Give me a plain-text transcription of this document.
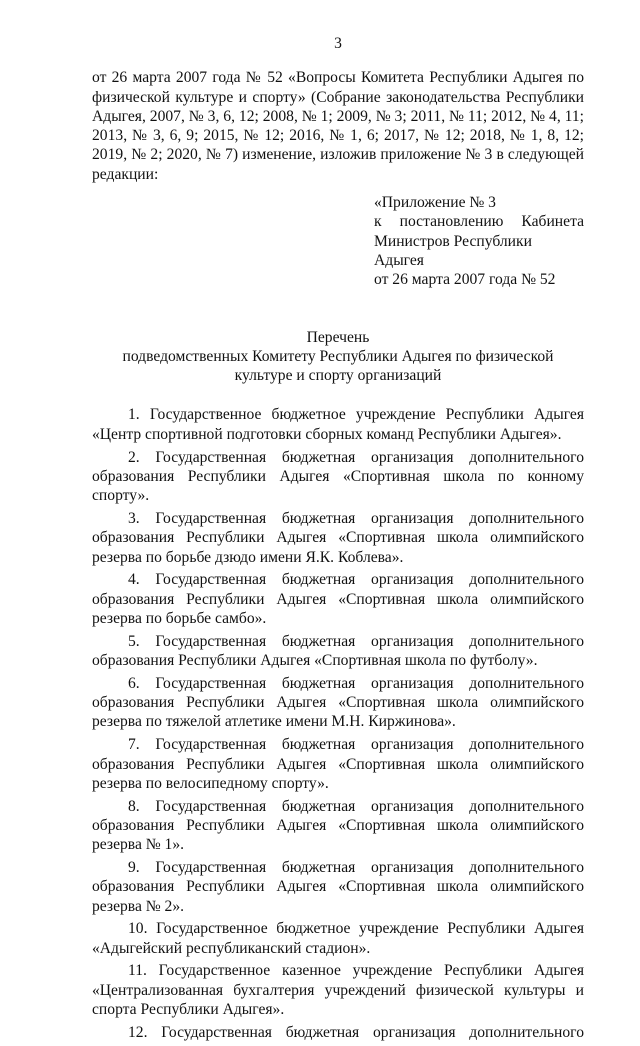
3

от 26 марта 2007 года № 52 «Вопросы Комитета Республики Адыгея по физической культуре и спорту» (Собрание законодательства Республики Адыгея, 2007, № 3, 6, 12; 2008, № 1; 2009, № 3; 2011, № 11; 2012, № 4, 11; 2013, № 3, 6, 9; 2015, № 12; 2016, № 1, 6; 2017, № 12; 2018, № 1, 8, 12; 2019, № 2; 2020, № 7) изменение, изложив приложение № 3 в следующей редакции:

«Приложение № 3
к постановлению Кабинета
Министров Республики Адыгея
от 26 марта 2007 года № 52
Перечень
подведомственных Комитету Республики Адыгея по физической
культуре и спорту организаций

1. Государственное бюджетное учреждение Республики Адыгея «Центр спортивной подготовки сборных команд Республики Адыгея».

2. Государственная бюджетная организация дополнительного образования Республики Адыгея «Спортивная школа по конному спорту».

3. Государственная бюджетная организация дополнительного образования Республики Адыгея «Спортивная школа олимпийского резерва по борьбе дзюдо имени Я.К. Коблева».

4. Государственная бюджетная организация дополнительного образования Республики Адыгея «Спортивная школа олимпийского резерва по борьбе самбо».

5. Государственная бюджетная организация дополнительного образования Республики Адыгея «Спортивная школа по футболу».

6. Государственная бюджетная организация дополнительного образования Республики Адыгея «Спортивная школа олимпийского резерва по тяжелой атлетике имени М.Н. Киржинова».

7. Государственная бюджетная организация дополнительного образования Республики Адыгея «Спортивная школа олимпийского резерва по велосипедному спорту».

8. Государственная бюджетная организация дополнительного образования Республики Адыгея «Спортивная школа олимпийского резерва № 1».

9. Государственная бюджетная организация дополнительного образования Республики Адыгея «Спортивная школа олимпийского резерва № 2».

10. Государственное бюджетное учреждение Республики Адыгея «Адыгейский республиканский стадион».

11. Государственное казенное учреждение Республики Адыгея «Централизованная бухгалтерия учреждений физической культуры и спорта Республики Адыгея».

12. Государственная бюджетная организация дополнительного
